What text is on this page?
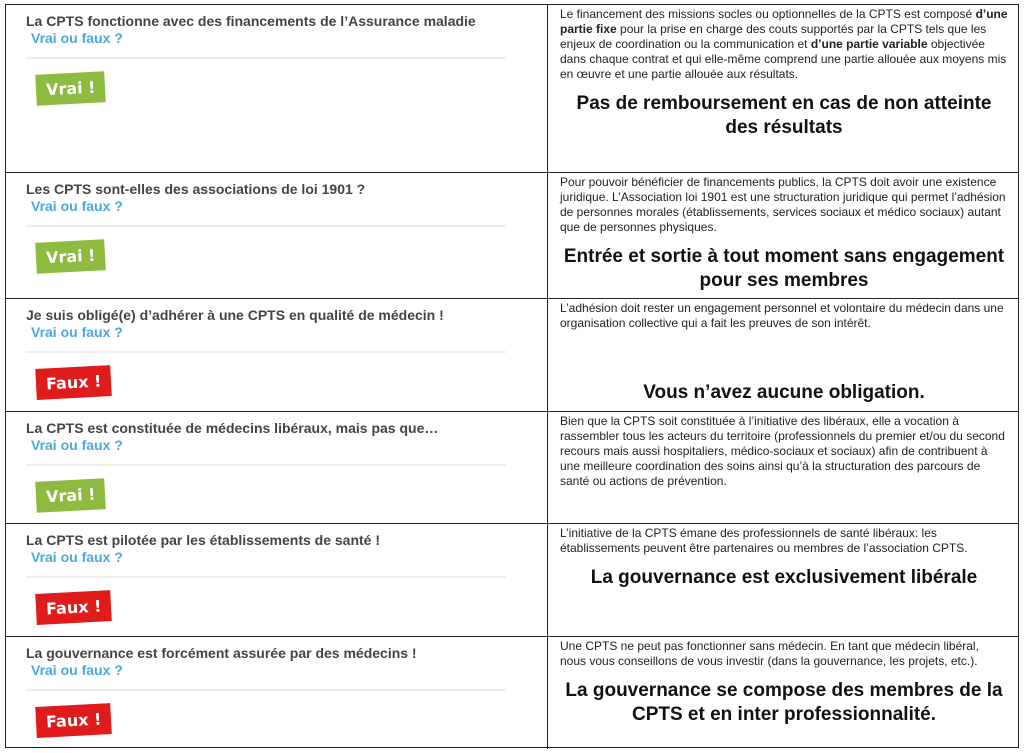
La CPTS fonctionne avec des financements de l’Assurance maladie
Vrai ou faux ?
Vrai !
Le financement des missions socles ou optionnelles de la CPTS est composé d’une partie fixe pour la prise en charge des couts supportés par la CPTS tels que les enjeux de coordination ou la communication et d’une partie variable objectivée dans chaque contrat et qui elle-même comprend une partie allouée aux moyens mis en œuvre et une partie allouée aux résultats.
Pas de remboursement en cas de non atteinte des résultats
Les CPTS sont-elles des associations de loi 1901 ?
Vrai ou faux ?
Vrai !
Pour pouvoir bénéficier de financements publics, la CPTS doit avoir une existence juridique. L’Association loi 1901 est une structuration juridique qui permet l’adhésion de personnes morales (établissements, services sociaux et médico sociaux) autant que de personnes physiques.
Entrée et sortie à tout moment sans engagement pour ses membres
Je suis obligé(e) d’adhérer à une CPTS en qualité de médecin !
Vrai ou faux ?
Faux !
L’adhésion doit rester un engagement personnel et volontaire du médecin dans une organisation collective qui a fait les preuves de son intérêt.
Vous n’avez aucune obligation.
La CPTS est constituée de médecins libéraux, mais pas que…
Vrai ou faux ?
Vrai !
Bien que la CPTS soit constituée à l’initiative des libéraux, elle a vocation à rassembler tous les acteurs du territoire (professionnels du premier et/ou du second recours mais aussi hospitaliers, médico-sociaux et sociaux) afin de contribuent à une meilleure coordination des soins ainsi qu’à la structuration des parcours de santé ou actions de prévention.
La CPTS est pilotée par les établissements de santé !
Vrai ou faux ?
Faux !
L’initiative de la CPTS émane des professionnels de santé libéraux: les établissements peuvent être partenaires ou membres de l’association CPTS.
La gouvernance est exclusivement libérale
La gouvernance est forcément assurée par des médecins !
Vrai ou faux ?
Faux !
Une CPTS ne peut pas fonctionner sans médecin. En tant que médecin libéral, nous vous conseillons de vous investir (dans la gouvernance, les projets, etc.).
La gouvernance se compose des membres de la CPTS et en inter professionnalité.
